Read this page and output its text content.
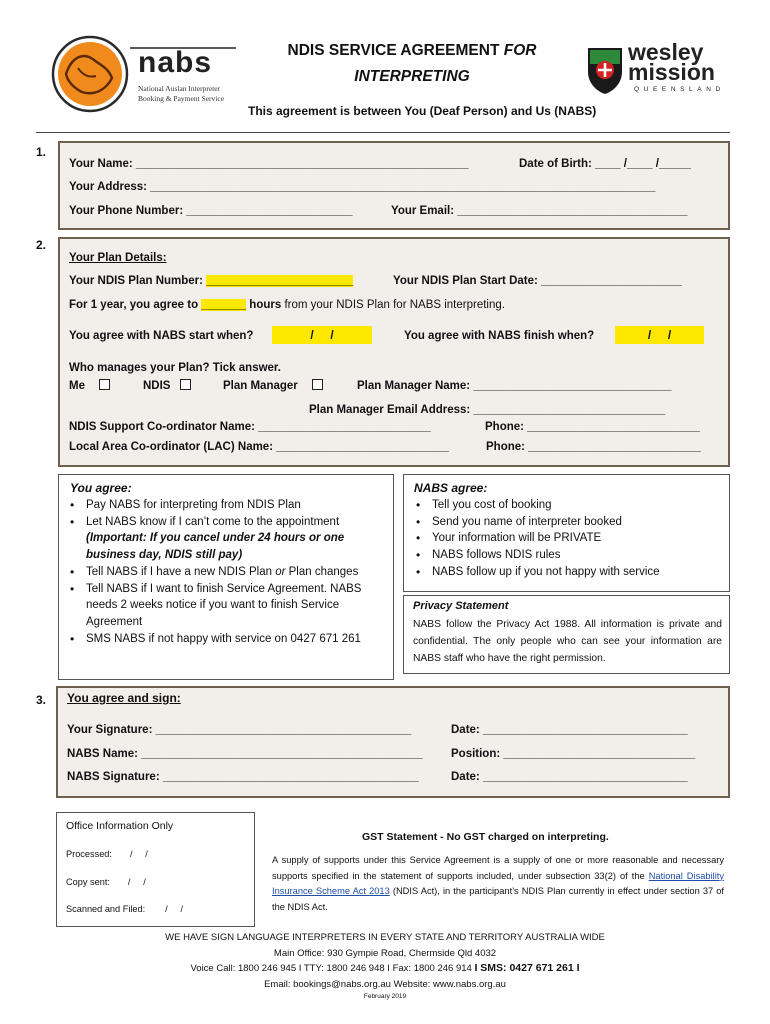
nabs
National Auslan Interpreter
Booking & Payment Service
NDIS SERVICE AGREEMENT FOR
INTERPRETING
wesley
mission
QUEENSLAND
This agreement is between You (Deaf Person) and Us (NABS)
1.
Your Name: ____________________________________________________	Date of Birth: ____ /____ /_____
Your Address: _______________________________________________________________________________
Your Phone Number: __________________________	Your Email: ____________________________________
2.
Your Plan Details:
Your NDIS Plan Number: _______________________	Your NDIS Plan Start Date: ______________________
For 1 year, you agree to _______ hours from your NDIS Plan for NABS interpreting.
You agree with NABS start when?	/     /	You agree with NABS finish when?	/     /
Who manages your Plan? Tick answer.
Me	NDIS	Plan Manager	Plan Manager Name: _______________________________
Plan Manager Email Address: ______________________________
NDIS Support Co-ordinator Name: ___________________________	Phone: ___________________________
Local Area Co-ordinator (LAC) Name: ___________________________	Phone: ___________________________
You agree:
• Pay NABS for interpreting from NDIS Plan
• Let NABS know if I can’t come to the appointment
(Important: If you cancel under 24 hours or one business day, NDIS still pay)
• Tell NABS if I have a new NDIS Plan or Plan changes
• Tell NABS if I want to finish Service Agreement. NABS needs 2 weeks notice if you want to finish Service Agreement
• SMS NABS if not happy with service on 0427 671 261
NABS agree:
• Tell you cost of booking
• Send you name of interpreter booked
• Your information will be PRIVATE
• NABS follows NDIS rules
• NABS follow up if you not happy with service
Privacy Statement
NABS follow the Privacy Act 1988. All information is private and confidential. The only people who can see your information are NABS staff who have the right permission.
3. You agree and sign:
Your Signature: ________________________________________	Date: ________________________________
NABS Name: ____________________________________________ Position: ______________________________
NABS Signature: ________________________________________	Date: ________________________________
Office Information Only
Processed: /     /
Copy sent: /     /
Scanned and Filed: /     /
GST Statement - No GST charged on interpreting.
A supply of supports under this Service Agreement is a supply of one or more reasonable and necessary supports specified in the statement of supports included, under subsection 33(2) of the National Disability Insurance Scheme Act 2013 (NDIS Act), in the participant’s NDIS Plan currently in effect under section 37 of the NDIS Act.
WE HAVE SIGN LANGUAGE INTERPRETERS IN EVERY STATE AND TERRITORY AUSTRALIA WIDE
Main Office: 930 Gympie Road, Chermside Qld 4032
Voice Call: 1800 246 945 I TTY: 1800 246 948 I Fax: 1800 246 914 I SMS: 0427 671 261 I
Email: bookings@nabs.org.au Website: www.nabs.org.au
February 2019
